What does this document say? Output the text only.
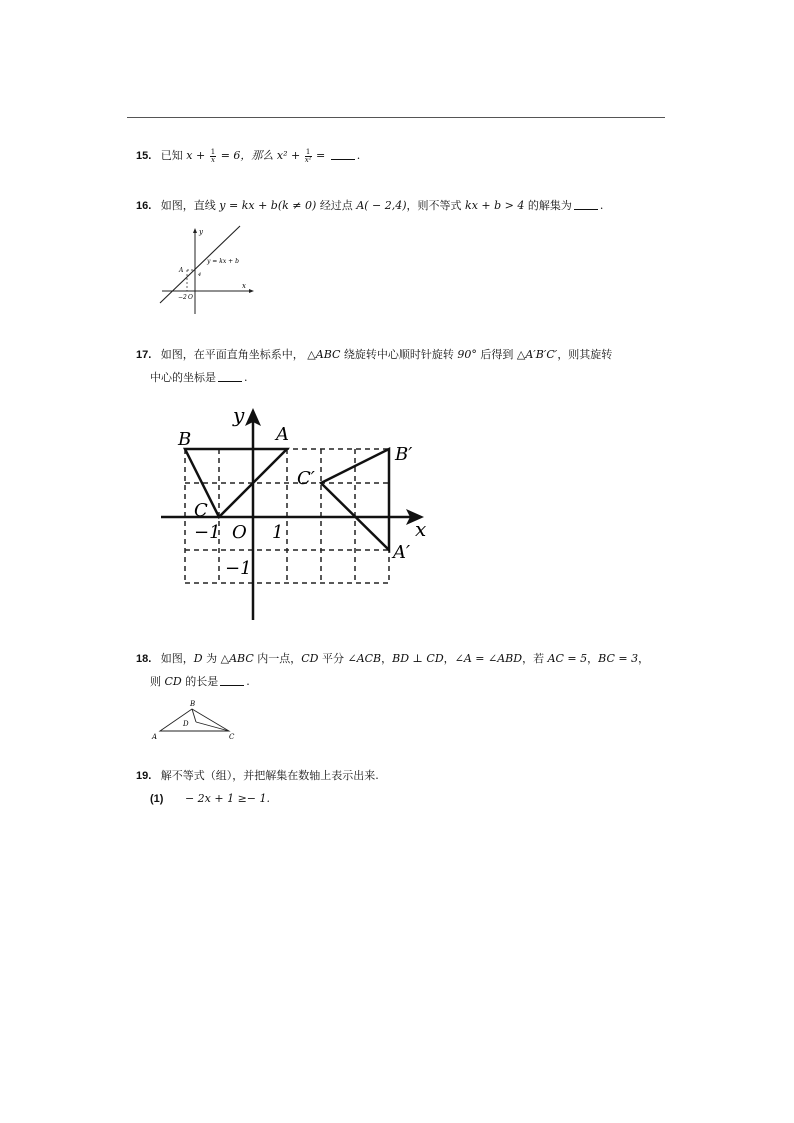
15. 已知 $x + \frac{1}{x} = 6$，那么 $x^2 + \frac{1}{\text{x²}}$ =	.
16. 如图，直线 y = kx + b(k ≠ 0) 经过点 A( − 2,4)，则不等式 kx + b > 4 的解集为	.
y
x
y = kx + b
A
4
O
−2
17. 如图，在平面直角坐标系中， △ABC 绕旋转中心顺时针旋转 90° 后得到 △A′B′C′，则其旋转
中心的坐标是	.
B	A
C
C′
B′
A′
y
x
−1 O 1
−1
18. 如图，D 为 △ABC 内一点，CD 平分 ∠ACB，BD ⊥ CD，∠A = ∠ABD，若 AC = 5，BC = 3，
则 CD 的长是	.
B
D
A	C
19. 解不等式（组），并把解集在数轴上表示出来.
(1) − 2x + 1 ≥− 1.
